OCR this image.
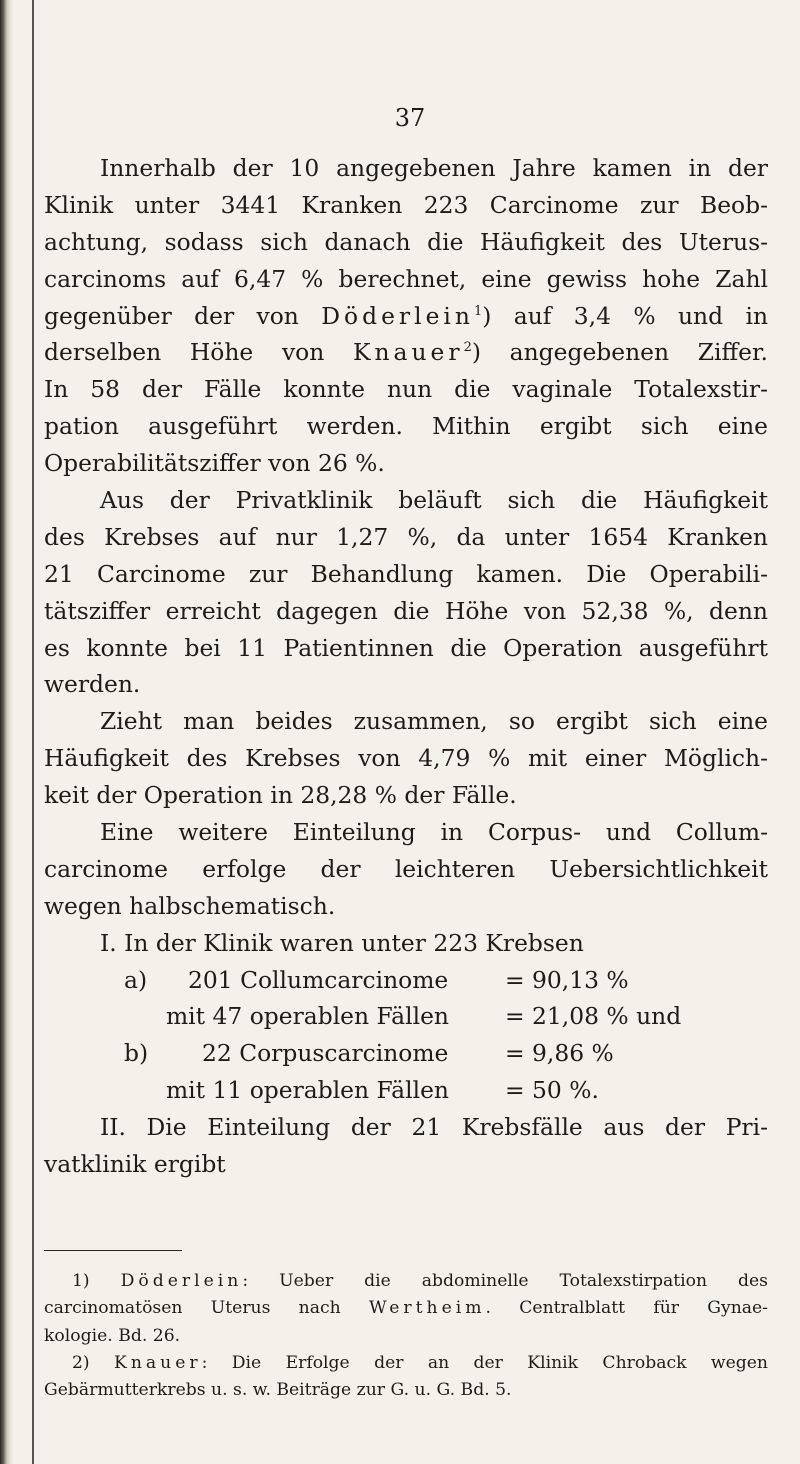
37
Innerhalb der 10 angegebenen Jahre kamen in der
Klinik unter 3441 Kranken 223 Carcinome zur Beob-
achtung, sodass sich danach die Häufigkeit des Uterus-
carcinoms auf 6,47 % berechnet, eine gewiss hohe Zahl
gegenüber der von Döderlein$^1$) auf 3,4 % und in
derselben Höhe von Knauer$^2$) angegebenen Ziffer.
In 58 der Fälle konnte nun die vaginale Totalexstir-
pation ausgeführt werden. Mithin ergibt sich eine
Operabilitätsziffer von 26 %.
Aus der Privatklinik beläuft sich die Häufigkeit
des Krebses auf nur 1,27 %, da unter 1654 Kranken
21 Carcinome zur Behandlung kamen. Die Operabili-
tätsziffer erreicht dagegen die Höhe von 52,38 %, denn
es konnte bei 11 Patientinnen die Operation ausgeführt
werden.
Zieht man beides zusammen, so ergibt sich eine
Häufigkeit des Krebses von 4,79 % mit einer Möglich-
keit der Operation in 28,28 % der Fälle.
Eine weitere Einteilung in Corpus- und Collum-
carcinome erfolge der leichteren Uebersichtlichkeit
wegen halbschematisch.
I. In der Klinik waren unter 223 Krebsen
a) 201 Collumcarcinome = 90,13 %
mit 47 operablen Fällen = 21,08 % und
b) 22 Corpuscarcinome = 9,86 %
mit 11 operablen Fällen = 50 %.
II. Die Einteilung der 21 Krebsfälle aus der Pri-
vatklinik ergibt
1) Döderlein: Ueber die abdominelle Totalexstirpation des
carcinomatösen Uterus nach Wertheim. Centralblatt für Gynae-
kologie. Bd. 26.
2) Knauer: Die Erfolge der an der Klinik Chroback wegen
Gebärmutterkrebs u. s. w. Beiträge zur G. u. G. Bd. 5.
